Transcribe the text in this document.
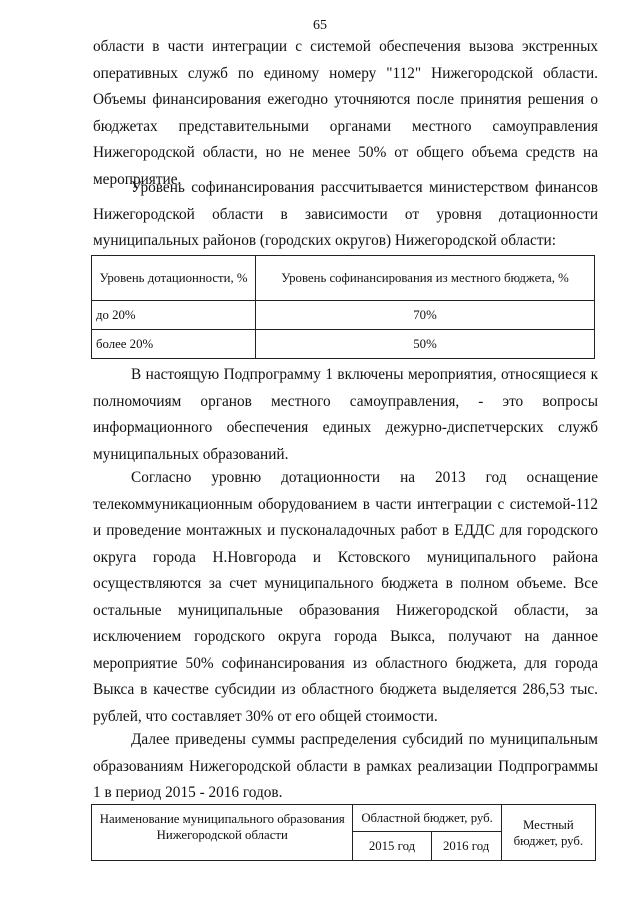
65

области в части интеграции с системой обеспечения вызова экстренных оперативных служб по единому номеру "112" Нижегородской области. Объемы финансирования ежегодно уточняются после принятия решения о бюджетах представительными органами местного самоуправления Нижегородской области, но не менее 50% от общего объема средств на мероприятие.

Уровень софинансирования рассчитывается министерством финансов Нижегородской области в зависимости от уровня дотационности муниципальных районов (городских округов) Нижегородской области:

Уровень дотационности, %	Уровень софинансирования из местного бюджета, %
до 20%	70%
более 20%	50%

В настоящую Подпрограмму 1 включены мероприятия, относящиеся к полномочиям органов местного самоуправления, - это вопросы информационного обеспечения единых дежурно-диспетчерских служб муниципальных образований.

Согласно уровню дотационности на 2013 год оснащение телекоммуникационным оборудованием в части интеграции с системой-112 и проведение монтажных и пусконаладочных работ в ЕДДС для городского округа города Н.Новгорода и Кстовского муниципального района осуществляются за счет муниципального бюджета в полном объеме. Все остальные муниципальные образования Нижегородской области, за исключением городского округа города Выкса, получают на данное мероприятие 50% софинансирования из областного бюджета, для города Выкса в качестве субсидии из областного бюджета выделяется 286,53 тыс. рублей, что составляет 30% от его общей стоимости.

Далее приведены суммы распределения субсидий по муниципальным образованиям Нижегородской области в рамках реализации Подпрограммы 1 в период 2015 - 2016 годов.

Наименование муниципального образования Нижегородской области	Областной бюджет, руб.		Местный бюджет, руб.
	2015 год	2016 год	
